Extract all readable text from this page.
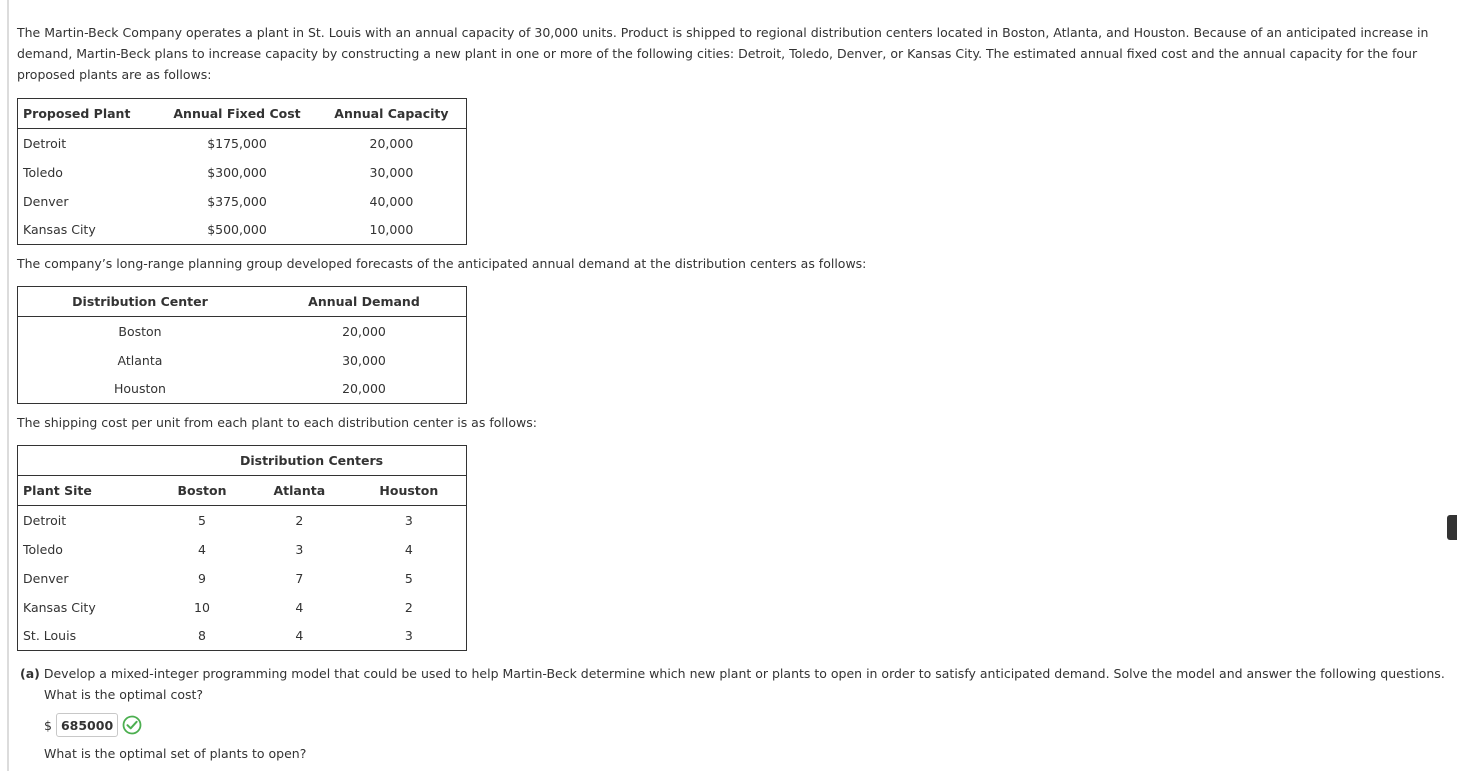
The Martin-Beck Company operates a plant in St. Louis with an annual capacity of 30,000 units. Product is shipped to regional distribution centers located in Boston, Atlanta, and Houston. Because of an anticipated increase in demand, Martin-Beck plans to increase capacity by constructing a new plant in one or more of the following cities: Detroit, Toledo, Denver, or Kansas City. The estimated annual fixed cost and the annual capacity for the four proposed plants are as follows:

Proposed Plant	Annual Fixed Cost	Annual Capacity
Detroit	$175,000	20,000
Toledo	$300,000	30,000
Denver	$375,000	40,000
Kansas City	$500,000	10,000

The company’s long-range planning group developed forecasts of the anticipated annual demand at the distribution centers as follows:

Distribution Center	Annual Demand
Boston	20,000
Atlanta	30,000
Houston	20,000

The shipping cost per unit from each plant to each distribution center is as follows:

	Distribution Centers		
Plant Site	Boston	Atlanta	Houston
Detroit	5	2	3
Toledo	4	3	4
Denver	9	7	5
Kansas City	10	4	2
St. Louis	8	4	3
(a) Develop a mixed-integer programming model that could be used to help Martin-Beck determine which new plant or plants to open in order to satisfy anticipated demand. Solve the model and answer the following questions. What is the optimal cost?
$
685000
What is the optimal set of plants to open?
